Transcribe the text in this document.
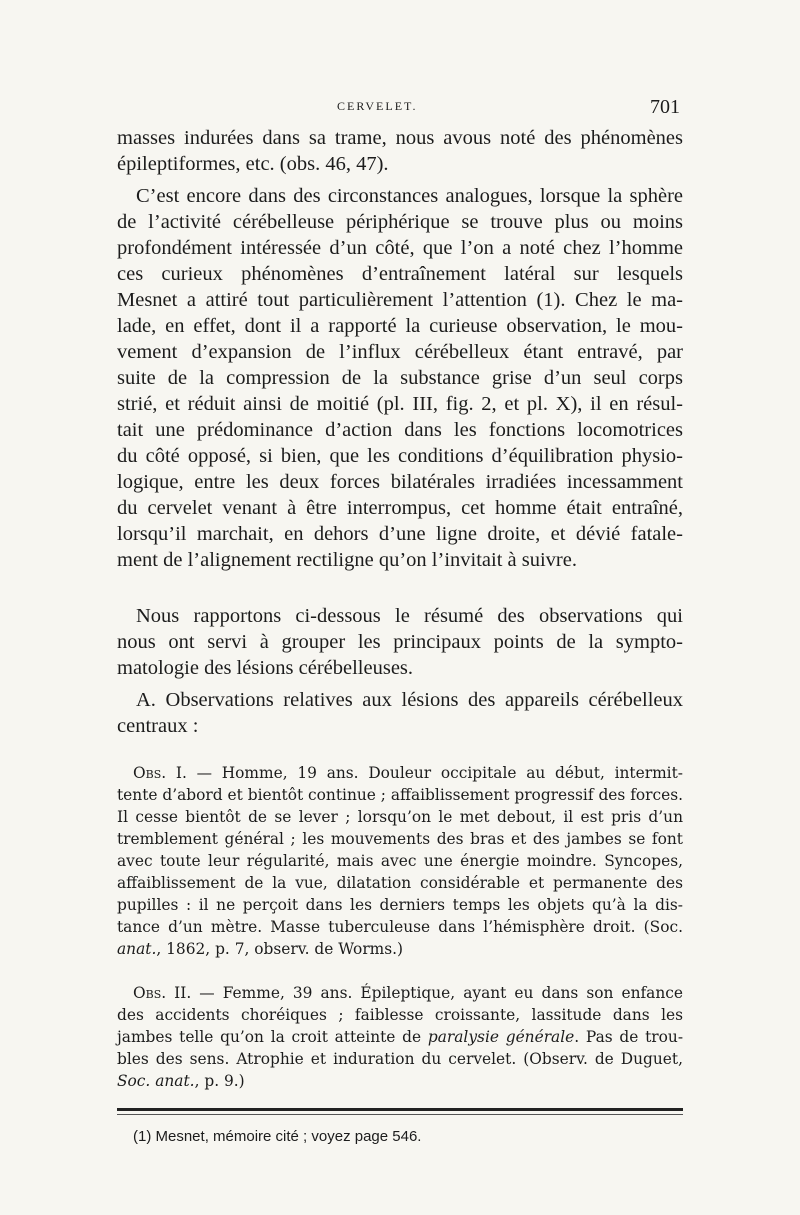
CERVELET.	701
masses indurées dans sa trame, nous avous noté des phénomènes
épileptiformes, etc. (obs. 46, 47).
C’est encore dans des circonstances analogues, lorsque la sphère
de l’activité cérébelleuse périphérique se trouve plus ou moins
profondément intéressée d’un côté, que l’on a noté chez l’homme
ces curieux phénomènes d’entraînement latéral sur lesquels
Mesnet a attiré tout particulièrement l’attention (1). Chez le ma-
lade, en effet, dont il a rapporté la curieuse observation, le mou-
vement d’expansion de l’influx cérébelleux étant entravé, par
suite de la compression de la substance grise d’un seul corps
strié, et réduit ainsi de moitié (pl. III, fig. 2, et pl. X), il en résul-
tait une prédominance d’action dans les fonctions locomotrices
du côté opposé, si bien, que les conditions d’équilibration physio-
logique, entre les deux forces bilatérales irradiées incessamment
du cervelet venant à être interrompus, cet homme était entraîné,
lorsqu’il marchait, en dehors d’une ligne droite, et dévié fatale-
ment de l’alignement rectiligne qu’on l’invitait à suivre.
Nous rapportons ci-dessous le résumé des observations qui
nous ont servi à grouper les principaux points de la sympto-
matologie des lésions cérébelleuses.
A. Observations relatives aux lésions des appareils cérébelleux
centraux :
Obs. I. — Homme, 19 ans. Douleur occipitale au début, intermit-
tente d’abord et bientôt continue ; affaiblissement progressif des forces.
Il cesse bientôt de se lever ; lorsqu’on le met debout, il est pris d’un
tremblement général ; les mouvements des bras et des jambes se font
avec toute leur régularité, mais avec une énergie moindre. Syncopes,
affaiblissement de la vue, dilatation considérable et permanente des
pupilles : il ne perçoit dans les derniers temps les objets qu’à la dis-
tance d’un mètre. Masse tuberculeuse dans l’hémisphère droit. (Soc.
anat., 1862, p. 7, observ. de Worms.)
Obs. II. — Femme, 39 ans. Épileptique, ayant eu dans son enfance
des accidents choréiques ; faiblesse croissante, lassitude dans les
jambes telle qu’on la croit atteinte de paralysie générale. Pas de trou-
bles des sens. Atrophie et induration du cervelet. (Observ. de Duguet,
Soc. anat., p. 9.)
(1) Mesnet, mémoire cité ; voyez page 546.
